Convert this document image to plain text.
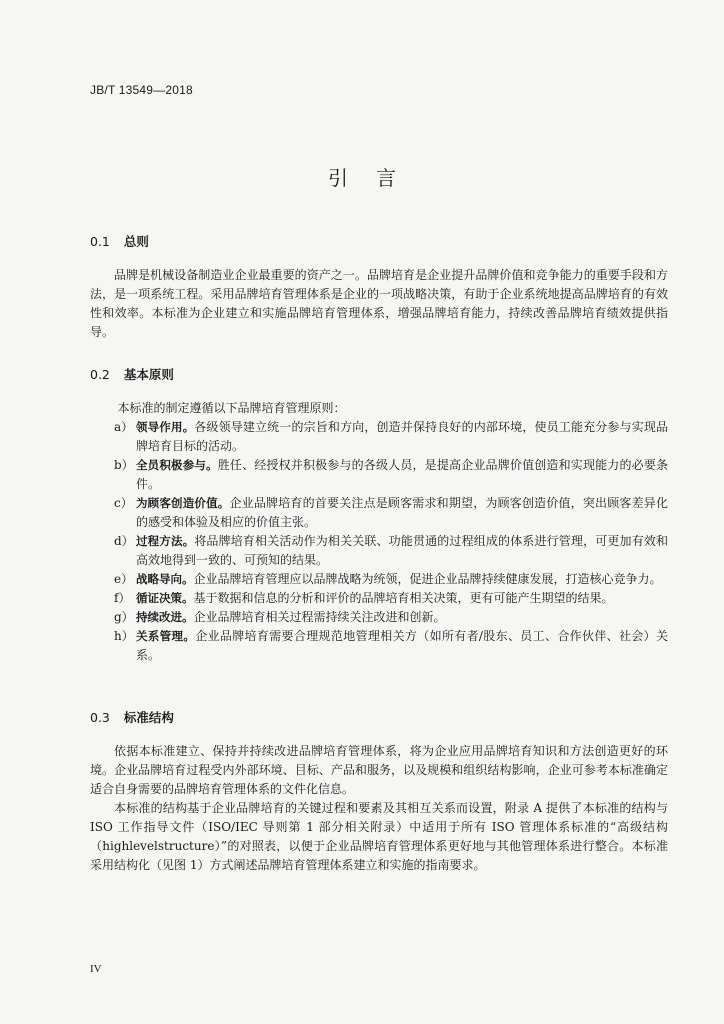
JB/T 13549—2018
引言
0.1 总则

品牌是机械设备制造业企业最重要的资产之一。品牌培育是企业提升品牌价值和竞争能力的重要手段和方法，是一项系统工程。采用品牌培育管理体系是企业的一项战略决策，有助于企业系统地提高品牌培育的有效性和效率。本标准为企业建立和实施品牌培育管理体系，增强品牌培育能力，持续改善品牌培育绩效提供指导。

0.2 基本原则

本标准的制定遵循以下品牌培育管理原则：

a） 领导作用。各级领导建立统一的宗旨和方向，创造并保持良好的内部环境，使员工能充分参与实现品牌培育目标的活动。

b） 全员积极参与。胜任、经授权并积极参与的各级人员，是提高企业品牌价值创造和实现能力的必要条件。

c） 为顾客创造价值。企业品牌培育的首要关注点是顾客需求和期望，为顾客创造价值，突出顾客差异化的感受和体验及相应的价值主张。

d） 过程方法。将品牌培育相关活动作为相关关联、功能贯通的过程组成的体系进行管理，可更加有效和高效地得到一致的、可预知的结果。

e） 战略导向。企业品牌培育管理应以品牌战略为统领，促进企业品牌持续健康发展，打造核心竞争力。

f） 循证决策。基于数据和信息的分析和评价的品牌培育相关决策，更有可能产生期望的结果。

g） 持续改进。企业品牌培育相关过程需持续关注改进和创新。

h） 关系管理。企业品牌培育需要合理规范地管理相关方（如所有者/股东、员工、合作伙伴、社会）关系。

0.3 标准结构

依据本标准建立、保持并持续改进品牌培育管理体系，将为企业应用品牌培育知识和方法创造更好的环境。企业品牌培育过程受内外部环境、目标、产品和服务，以及规模和组织结构影响，企业可参考本标准确定适合自身需要的品牌培育管理体系的文件化信息。

本标准的结构基于企业品牌培育的关键过程和要素及其相互关系而设置，附录 A 提供了本标准的结构与 ISO 工作指导文件（ISO/IEC 导则第 1 部分相关附录）中适用于所有 ISO 管理体系标准的“高级结构（highlevelstructure）”的对照表，以便于企业品牌培育管理体系更好地与其他管理体系进行整合。本标准采用结构化（见图 1）方式阐述品牌培育管理体系建立和实施的指南要求。

IV
